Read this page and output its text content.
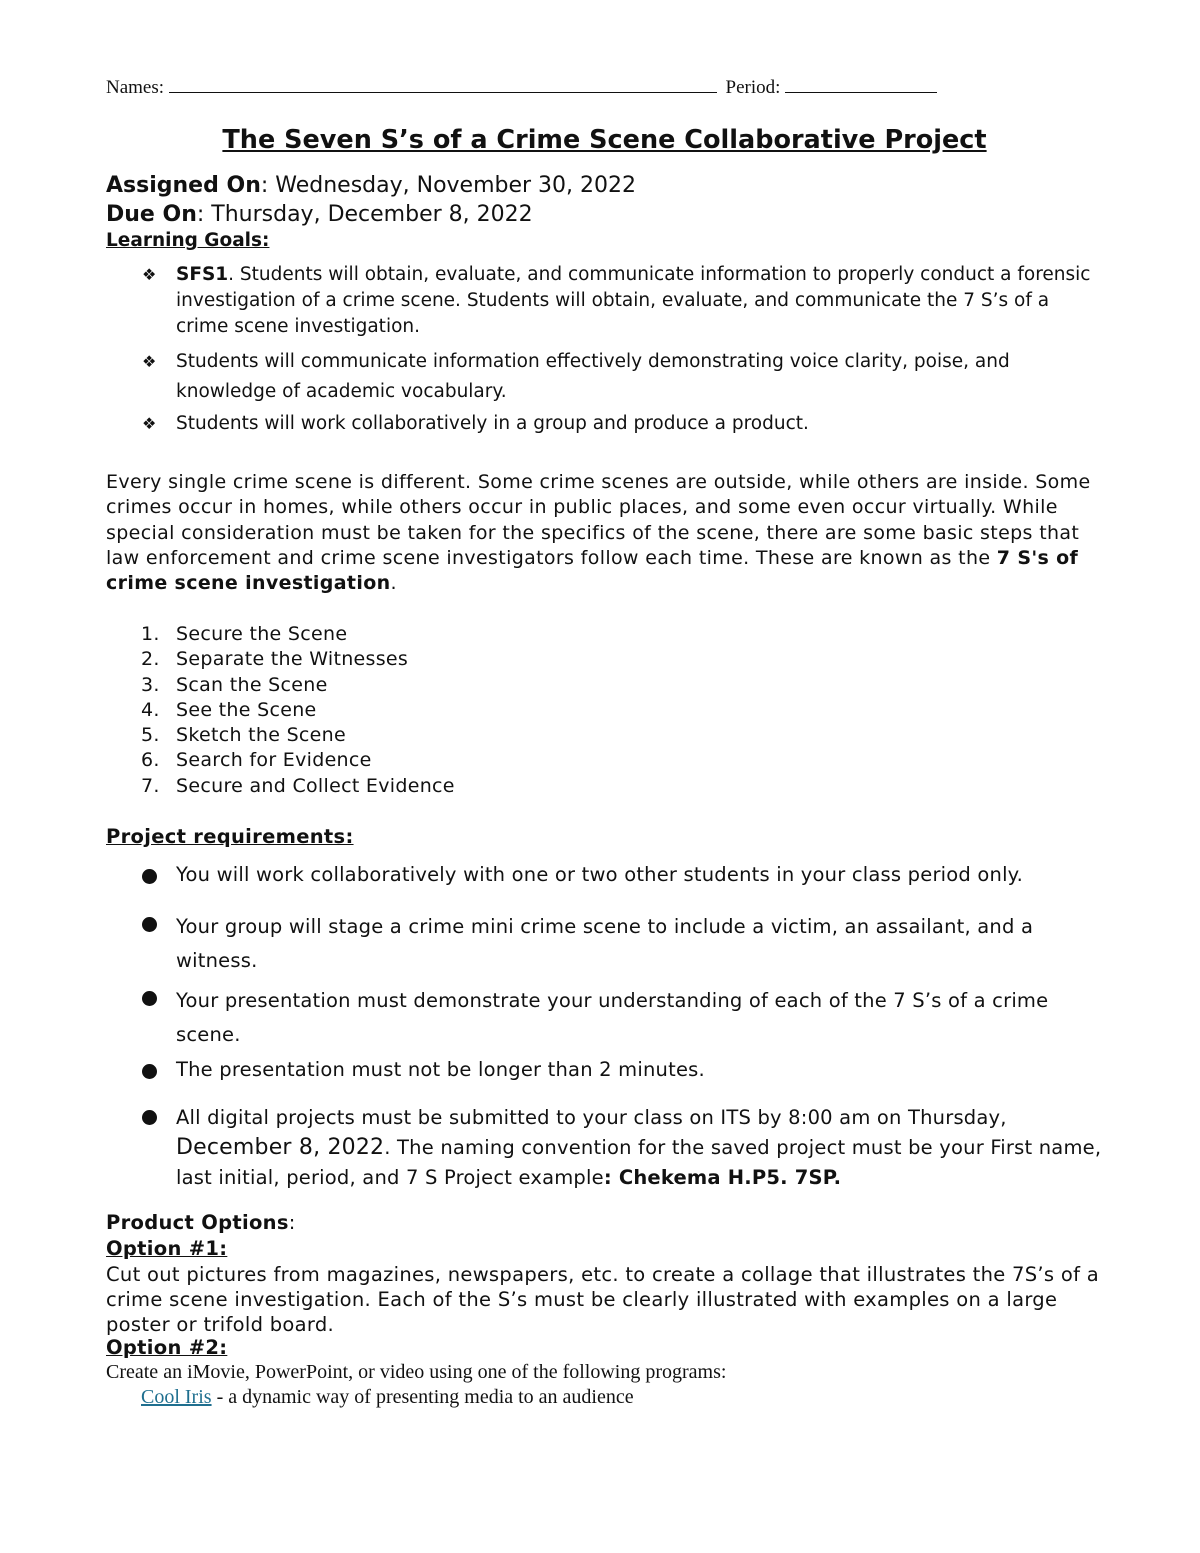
Names:	Period:
The Seven S’s of a Crime Scene Collaborative Project
Assigned On: Wednesday, November 30, 2022
Due On: Thursday, December 8, 2022
Learning Goals:
❖ SFS1. Students will obtain, evaluate, and communicate information to properly conduct a forensic investigation of a crime scene. Students will obtain, evaluate, and communicate the 7 S’s of a crime scene investigation.
❖ Students will communicate information effectively demonstrating voice clarity, poise, and knowledge of academic vocabulary.
❖ Students will work collaboratively in a group and produce a product.
Every single crime scene is different. Some crime scenes are outside, while others are inside. Some crimes occur in homes, while others occur in public places, and some even occur virtually. While special consideration must be taken for the specifics of the scene, there are some basic steps that law enforcement and crime scene investigators follow each time. These are known as the 7 S's of crime scene investigation.
1. Secure the Scene
2. Separate the Witnesses
3. Scan the Scene
4. See the Scene
5. Sketch the Scene
6. Search for Evidence
7. Secure and Collect Evidence
Project requirements:
You will work collaboratively with one or two other students in your class period only.
Your group will stage a crime mini crime scene to include a victim, an assailant, and a witness.
Your presentation must demonstrate your understanding of each of the 7 S’s of a crime scene.
The presentation must not be longer than 2 minutes.
All digital projects must be submitted to your class on ITS by 8:00 am on Thursday, December 8, 2022. The naming convention for the saved project must be your First name, last initial, period, and 7 S Project example: Chekema H.P5. 7SP.
Product Options:
Option #1:
Cut out pictures from magazines, newspapers, etc. to create a collage that illustrates the 7S’s of a crime scene investigation. Each of the S’s must be clearly illustrated with examples on a large poster or trifold board.
Option #2:
Create an iMovie, PowerPoint, or video using one of the following programs:
Cool Iris - a dynamic way of presenting media to an audience
